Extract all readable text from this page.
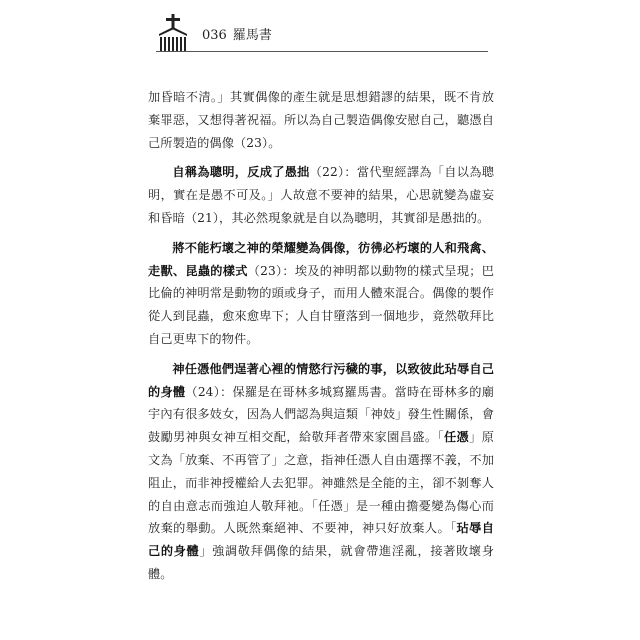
036 羅馬書

加昏暗不清。」其實偶像的產生就是思想錯謬的結果，既不肯放棄罪惡，又想得著祝福。所以為自己製造偶像安慰自己，聽憑自己所製造的偶像（23）。

自稱為聰明，反成了愚拙（22）：當代聖經譯為「自以為聰明，實在是愚不可及。」人故意不要神的結果，心思就變為虛妄和昏暗（21），其必然現象就是自以為聰明，其實卻是愚拙的。

將不能朽壞之神的榮耀變為偶像，彷彿必朽壞的人和飛禽、走獸、昆蟲的樣式（23）：埃及的神明都以動物的樣式呈現；巴比倫的神明常是動物的頭或身子，而用人體來混合。偶像的製作從人到昆蟲，愈來愈卑下；人自甘墮落到一個地步，竟然敬拜比自己更卑下的物件。

神任憑他們逞著心裡的情慾行污穢的事，以致彼此玷辱自己的身體（24）：保羅是在哥林多城寫羅馬書。當時在哥林多的廟宇內有很多妓女，因為人們認為與這類「神妓」發生性關係，會鼓勵男神與女神互相交配，給敬拜者帶來家園昌盛。「任憑」原文為「放棄、不再管了」之意，指神任憑人自由選擇不義，不加阻止，而非神授權給人去犯罪。神雖然是全能的主，卻不剝奪人的自由意志而強迫人敬拜祂。「任憑」是一種由擔憂變為傷心而放棄的舉動。人既然棄絕神、不要神，神只好放棄人。「玷辱自己的身體」強調敬拜偶像的結果，就會帶進淫亂，接著敗壞身體。
